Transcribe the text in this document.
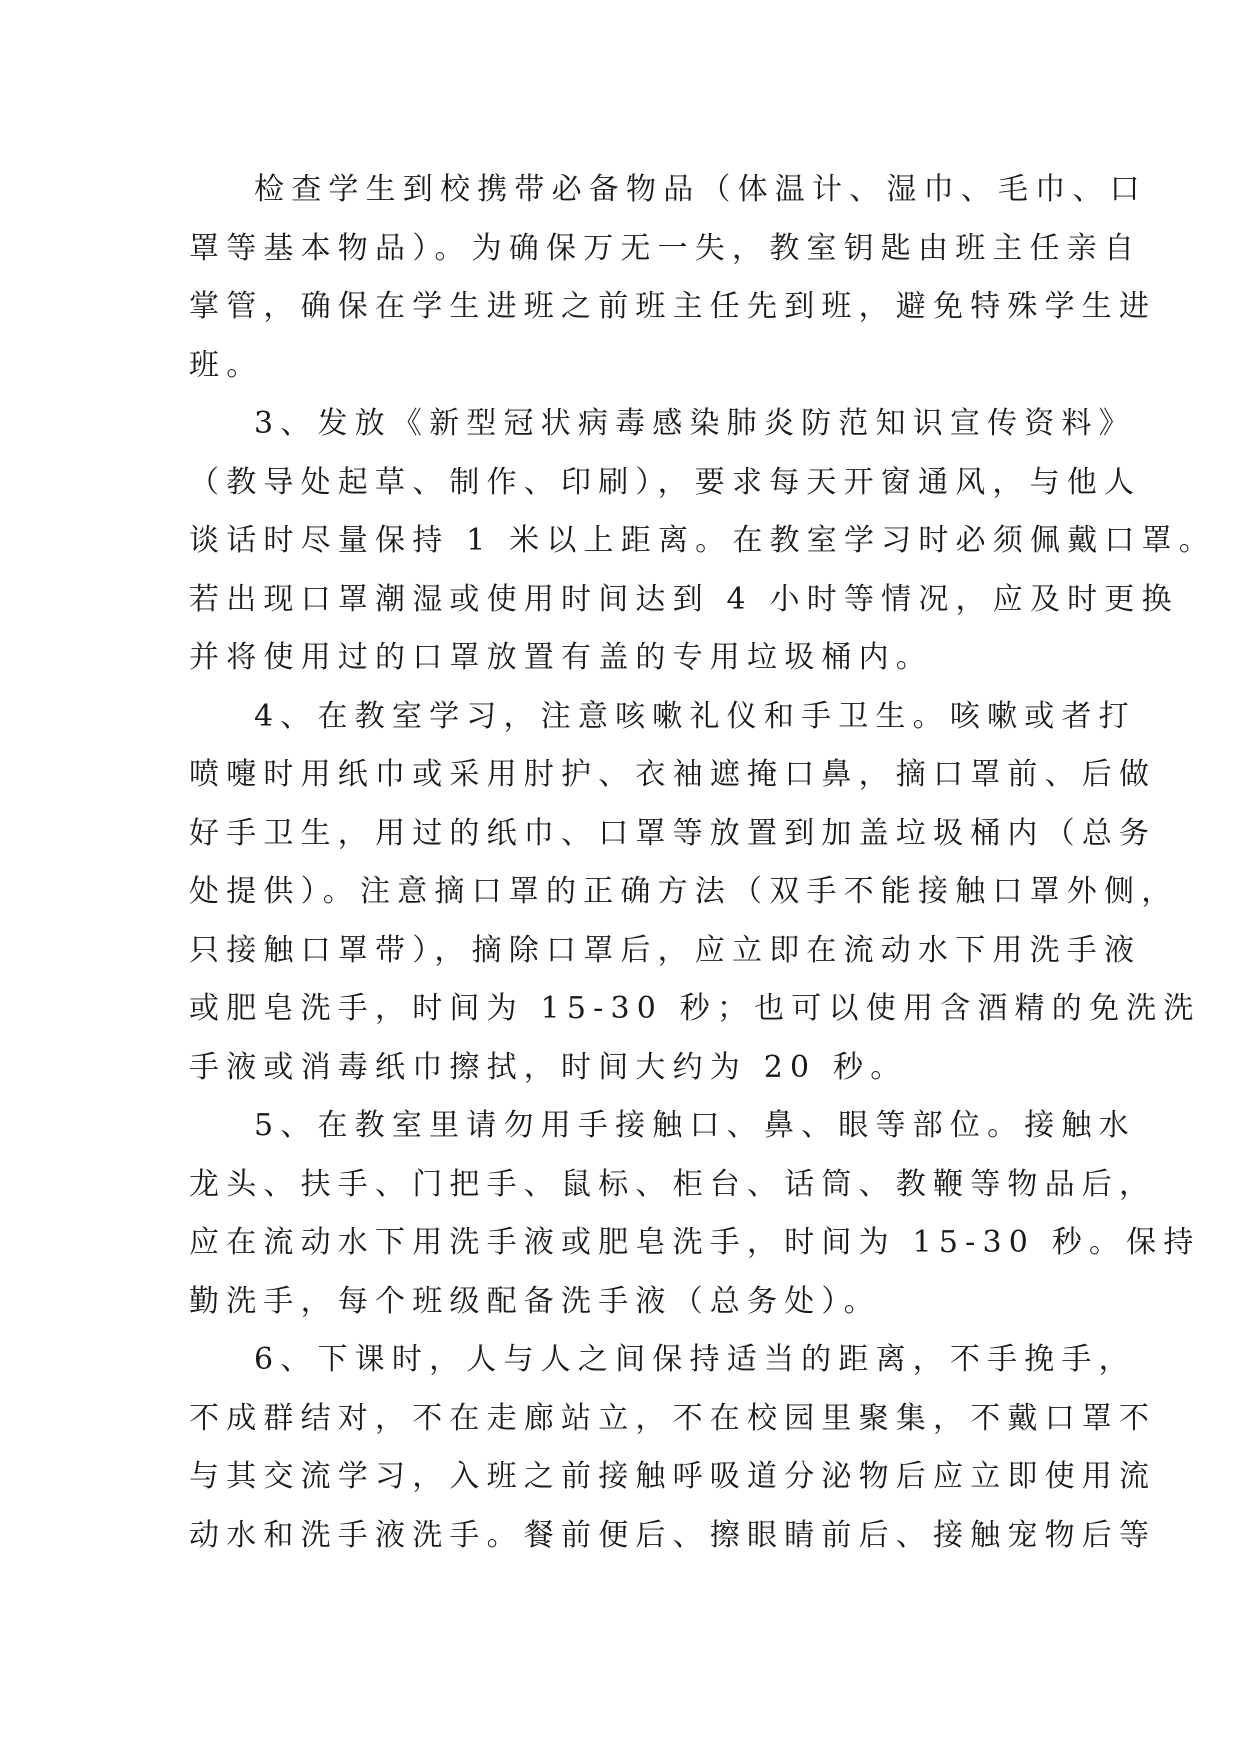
检查学生到校携带必备物品（体温计、湿巾、毛巾、口
罩等基本物品）。为确保万无一失，教室钥匙由班主任亲自
掌管，确保在学生进班之前班主任先到班，避免特殊学生进
班。
3、发放《新型冠状病毒感染肺炎防范知识宣传资料》
（教导处起草、制作、印刷），要求每天开窗通风，与他人
谈话时尽量保持 1 米以上距离。在教室学习时必须佩戴口罩。
若出现口罩潮湿或使用时间达到 4 小时等情况，应及时更换
并将使用过的口罩放置有盖的专用垃圾桶内。
4、在教室学习，注意咳嗽礼仪和手卫生。咳嗽或者打
喷嚏时用纸巾或采用肘护、衣袖遮掩口鼻，摘口罩前、后做
好手卫生，用过的纸巾、口罩等放置到加盖垃圾桶内（总务
处提供）。注意摘口罩的正确方法（双手不能接触口罩外侧，
只接触口罩带），摘除口罩后，应立即在流动水下用洗手液
或肥皂洗手，时间为 15-30 秒；也可以使用含酒精的免洗洗
手液或消毒纸巾擦拭，时间大约为 20 秒。
5、在教室里请勿用手接触口、鼻、眼等部位。接触水
龙头、扶手、门把手、鼠标、柜台、话筒、教鞭等物品后，
应在流动水下用洗手液或肥皂洗手，时间为 15-30 秒。保持
勤洗手，每个班级配备洗手液（总务处）。
6、下课时，人与人之间保持适当的距离，不手挽手，
不成群结对，不在走廊站立，不在校园里聚集，不戴口罩不
与其交流学习，入班之前接触呼吸道分泌物后应立即使用流
动水和洗手液洗手。餐前便后、擦眼睛前后、接触宠物后等
